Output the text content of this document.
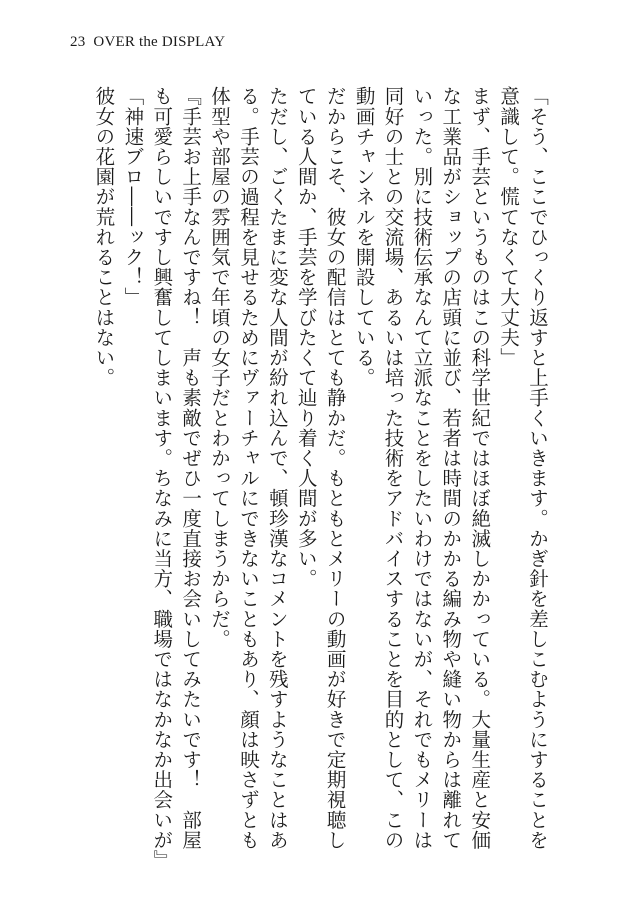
23 OVER the DISPLAY

「そう、ここでひっくり返すと上手くいきます。かぎ針を差しこむようにすることを意識して。慌てなくて大丈夫」

まず、手芸というものはこの科学世紀ではほぼ絶滅しかかっている。大量生産と安価な工業品がショップの店頭に並び、若者は時間のかかる編み物や縫い物からは離れていった。別に技術伝承なんて立派なことをしたいわけではないが、それでもメリーは同好の士との交流場、あるいは培った技術をアドバイスすることを目的として、この動画チャンネルを開設している。

だからこそ、彼女の配信はとても静かだ。もともとメリーの動画が好きで定期視聴している人間か、手芸を学びたくて辿り着く人間が多い。

ただし、ごくたまに変な人間が紛れ込んで、頓珍漢なコメントを残すようなことはある。手芸の過程を見せるためにヴァーチャルにできないこともあり、顔は映さずとも体型や部屋の雰囲気で年頃の女子だとわかってしまうからだ。

『手芸お上手なんですね！　声も素敵でぜひ一度直接お会いしてみたいです！　部屋も可愛らしいですし興奮してしまいます。ちなみに当方、職場ではなかなか出会いが』

「神速ブロ――ック！」

彼女の花園が荒れることはない。
